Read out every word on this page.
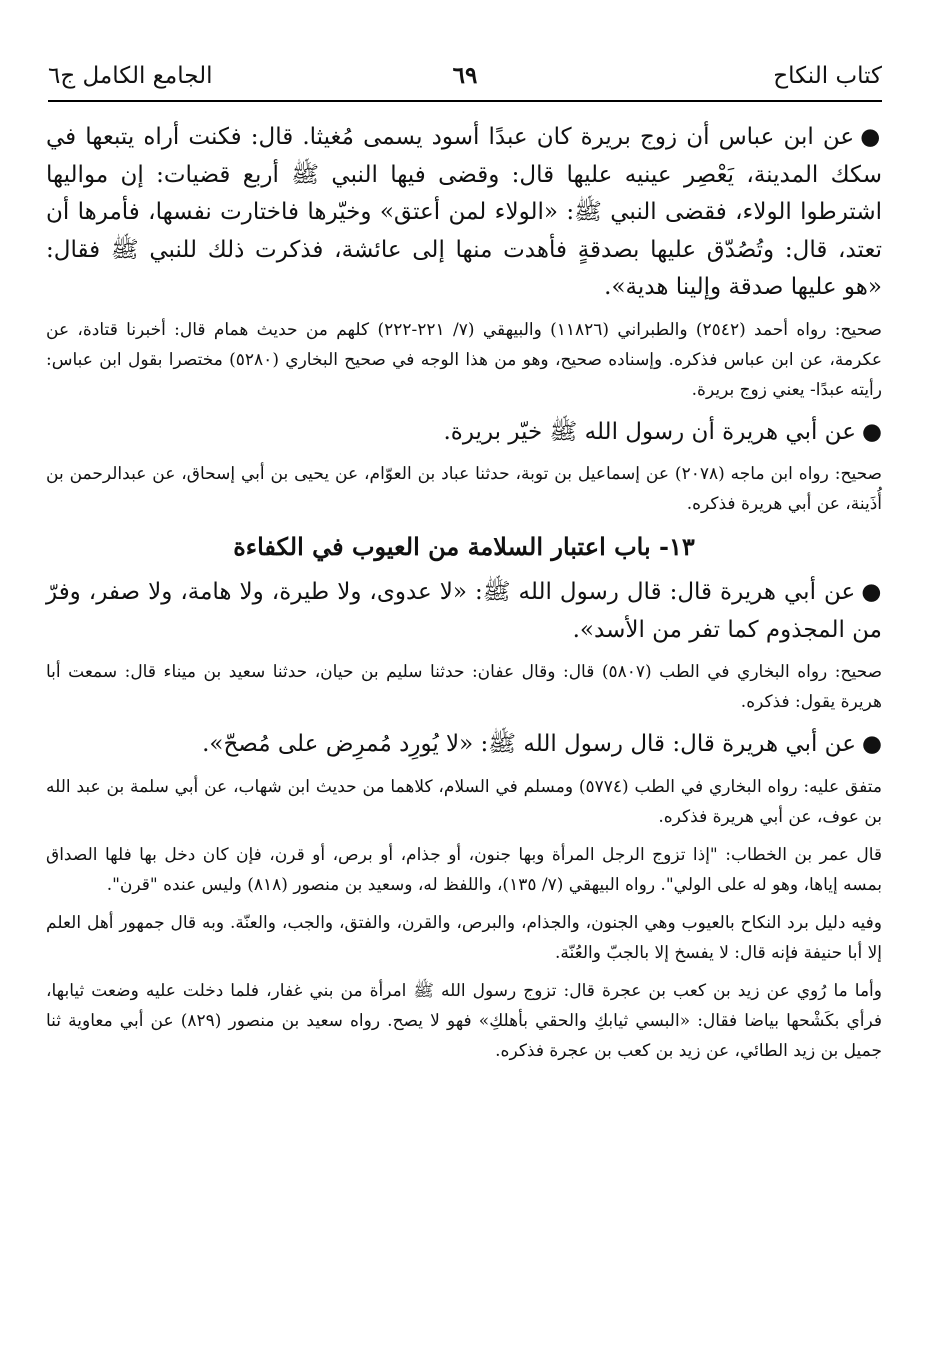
كتاب النكاح
٦٩
الجامع الكامل ج٦

●عن ابن عباس أن زوج بريرة كان عبدًا أسود يسمى مُغيثا. قال: فكنت أراه يتبعها في سكك المدينة، يَعْصِر عينيه عليها قال: وقضى فيها النبي ﷺ أربع قضيات: إن مواليها اشترطوا الولاء، فقضى النبي ﷺ: «الولاء لمن أعتق» وخيّرها فاختارت نفسها، فأمرها أن تعتد، قال: وتُصُدّق عليها بصدقةٍ فأهدت منها إلى عائشة، فذكرت ذلك للنبي ﷺ فقال: «هو عليها صدقة وإلينا هدية».

صحيح: رواه أحمد (٢٥٤٢) والطبراني (١١٨٢٦) والبيهقي (٧/ ٢٢١-٢٢٢) كلهم من حديث همام قال: أخبرنا قتادة، عن عكرمة، عن ابن عباس فذكره. وإسناده صحيح، وهو من هذا الوجه في صحيح البخاري (٥٢٨٠) مختصرا بقول ابن عباس: رأيته عبدًا- يعني زوج بريرة.

●عن أبي هريرة أن رسول الله ﷺ خيّر بريرة.

صحيح: رواه ابن ماجه (٢٠٧٨) عن إسماعيل بن توبة، حدثنا عباد بن العوّام، عن يحيى بن أبي إسحاق، عن عبدالرحمن بن أُذَينة، عن أبي هريرة فذكره.

١٣- باب اعتبار السلامة من العيوب في الكفاءة

●عن أبي هريرة قال: قال رسول الله ﷺ: «لا عدوى، ولا طيرة، ولا هامة، ولا صفر، وفرّ من المجذوم كما تفر من الأسد».

صحيح: رواه البخاري في الطب (٥٨٠٧) قال: وقال عفان: حدثنا سليم بن حيان، حدثنا سعيد بن ميناء قال: سمعت أبا هريرة يقول: فذكره.

●عن أبي هريرة قال: قال رسول الله ﷺ: «لا يُورِد مُمرِض على مُصحّ».

متفق عليه: رواه البخاري في الطب (٥٧٧٤) ومسلم في السلام، كلاهما من حديث ابن شهاب، عن أبي سلمة بن عبد الله بن عوف، عن أبي هريرة فذكره.

قال عمر بن الخطاب: "إذا تزوج الرجل المرأة وبها جنون، أو جذام، أو برص، أو قرن، فإن كان دخل بها فلها الصداق بمسه إياها، وهو له على الولي". رواه البيهقي (٧/ ١٣٥)، واللفظ له، وسعيد بن منصور (٨١٨) وليس عنده "قرن".

وفيه دليل برد النكاح بالعيوب وهي الجنون، والجذام، والبرص، والقرن، والفتق، والجب، والعنّة. وبه قال جمهور أهل العلم إلا أبا حنيفة فإنه قال: لا يفسخ إلا بالجبّ والعُنّة.

وأما ما رُوي عن زيد بن كعب بن عجرة قال: تزوج رسول الله ﷺ امرأة من بني غفار، فلما دخلت عليه وضعت ثيابها، فرأي بكَشْحها بياضا فقال: «البسي ثيابكِ والحقي بأهلكِ» فهو لا يصح. رواه سعيد بن منصور (٨٢٩) عن أبي معاوية ثنا جميل بن زيد الطائي، عن زيد بن كعب بن عجرة فذكره.
